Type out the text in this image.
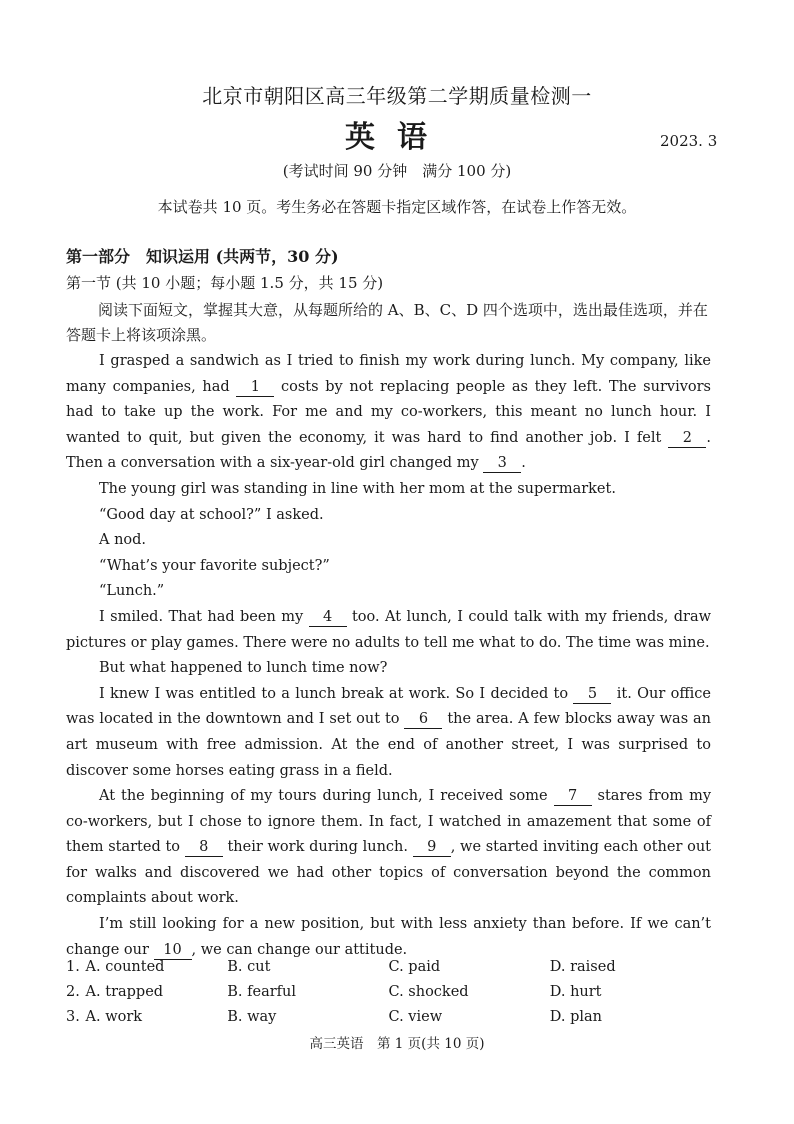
北京市朝阳区高三年级第二学期质量检测一
英语	2023. 3
(考试时间 90 分钟　满分 100 分)
本试卷共 10 页。考生务必在答题卡指定区域作答，在试卷上作答无效。
第一部分　知识运用 (共两节，30 分)
第一节 (共 10 小题；每小题 1.5 分，共 15 分)
阅读下面短文，掌握其大意，从每题所给的 A、B、C、D 四个选项中，选出最佳选项，并在答题卡上将该项涂黑。

I grasped a sandwich as I tried to finish my work during lunch. My company, like many companies, had 1 costs by not replacing people as they left. The survivors had to take up the work. For me and my co-workers, this meant no lunch hour. I wanted to quit, but given the economy, it was hard to find another job. I felt 2 . Then a conversation with a six-year-old girl changed my 3 .

The young girl was standing in line with her mom at the supermarket.

“Good day at school?” I asked.

A nod.

“What’s your favorite subject?”

“Lunch.”

I smiled. That had been my 4 too. At lunch, I could talk with my friends, draw pictures or play games. There were no adults to tell me what to do. The time was mine.

But what happened to lunch time now?

I knew I was entitled to a lunch break at work. So I decided to 5 it. Our office was located in the downtown and I set out to 6 the area. A few blocks away was an art museum with free admission. At the end of another street, I was surprised to discover some horses eating grass in a field.

At the beginning of my tours during lunch, I received some 7 stares from my co-workers, but I chose to ignore them. In fact, I watched in amazement that some of them started to 8 their work during lunch. 9 , we started inviting each other out for walks and discovered we had other topics of conversation beyond the common complaints about work.

I’m still looking for a new position, but with less anxiety than before. If we can’t change our 10 , we can change our attitude.

1. A. counted	B. cut	C. paid	D. raised
2. A. trapped	B. fearful	C. shocked	D. hurt
3. A. work	B. way	C. view	D. plan
高三英语　第 1 页(共 10 页)
